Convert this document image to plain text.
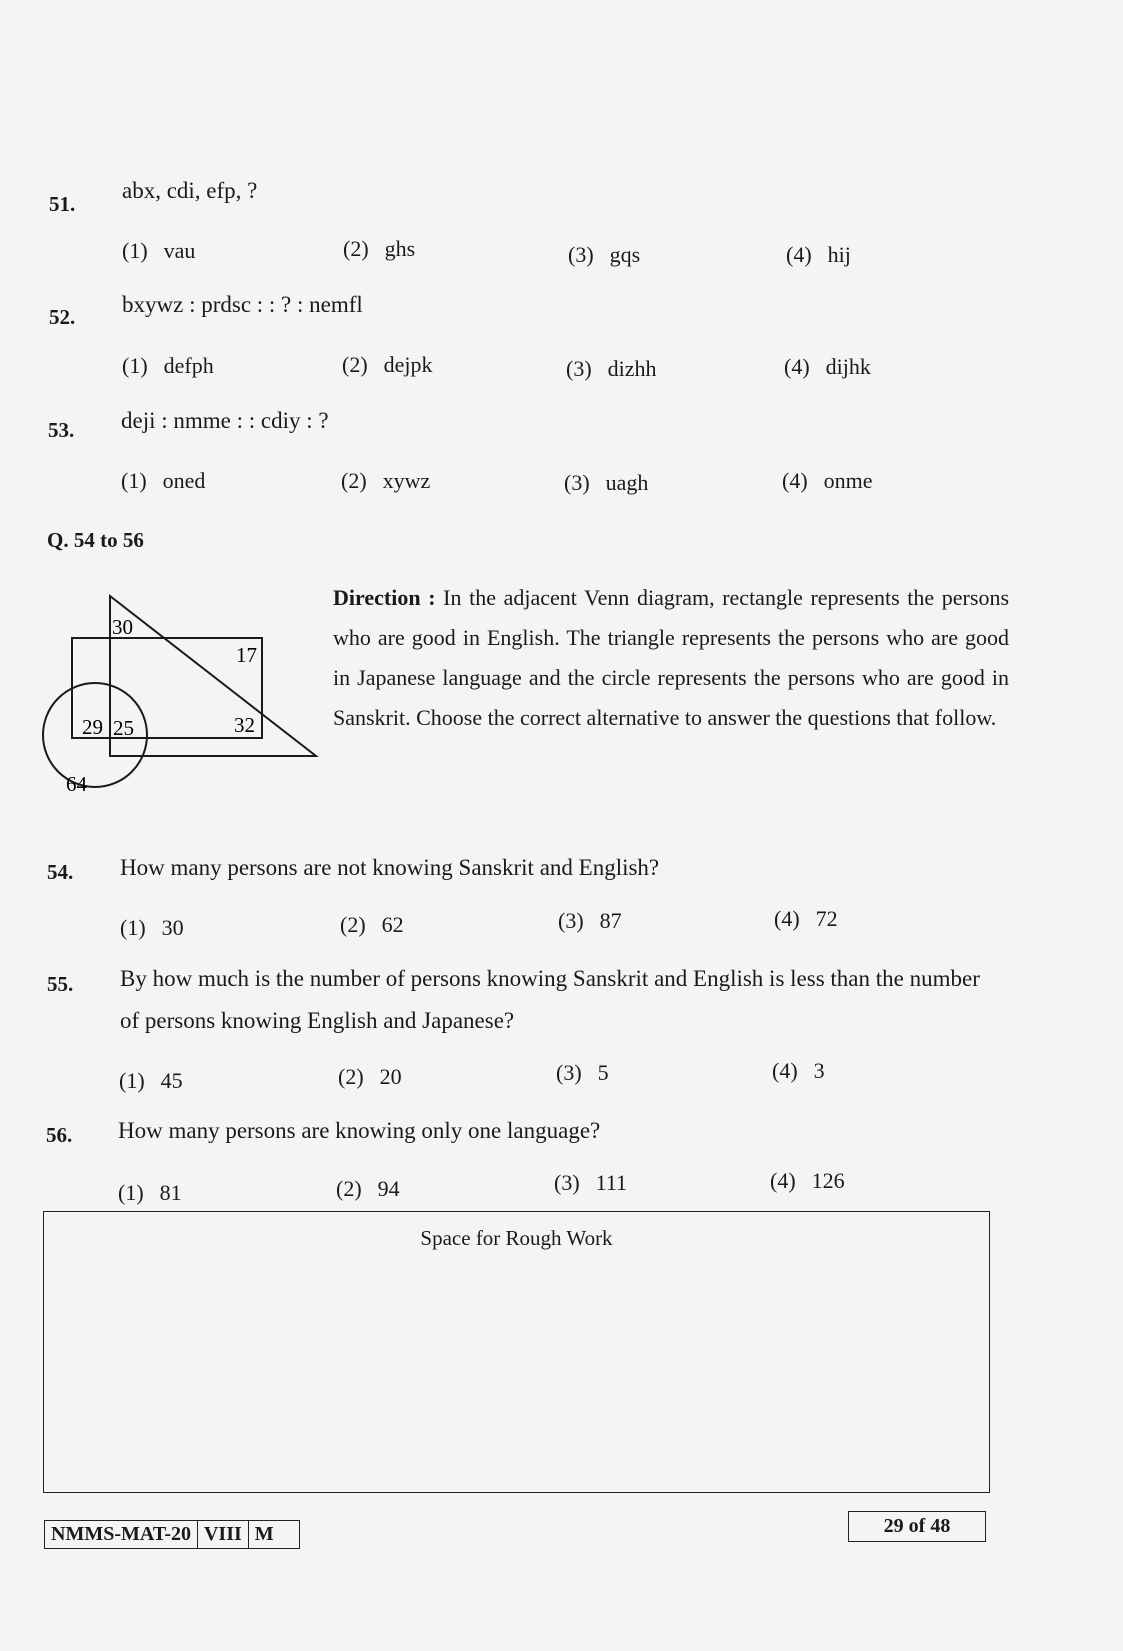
51.
abx, cdi, efp, ?
(1) vau	(2) ghs	(3) gqs	(4) hij
52. bxywz : prdsc : : ? : nemfl
(1) defph	(2) dejpk	(3) dizhh	(4) dijhk
53. deji : nmme : : cdiy : ?
(1) oned	(2) xywz	(3) uagh	(4) onme
Q. 54 to 56
30
17
29 25	32
64
Direction : In the adjacent Venn diagram, rectangle represents the persons who are good in English. The triangle represents the persons who are good in Japanese language and the circle represents the persons who are good in Sanskrit. Choose the correct alternative to answer the questions that follow.
54. How many persons are not knowing Sanskrit and English?
(1) 30	(2) 62	(3) 87	(4) 72
55. By how much is the number of persons knowing Sanskrit and English is less than the number
of persons knowing English and Japanese?
(1) 45	(2) 20	(3) 5	(4) 3
56. How many persons are knowing only one language?
(1) 81	(2) 94	(3) 111	(4) 126
Space for Rough Work
NMMS-MAT-20 VIII M	29 of 48
